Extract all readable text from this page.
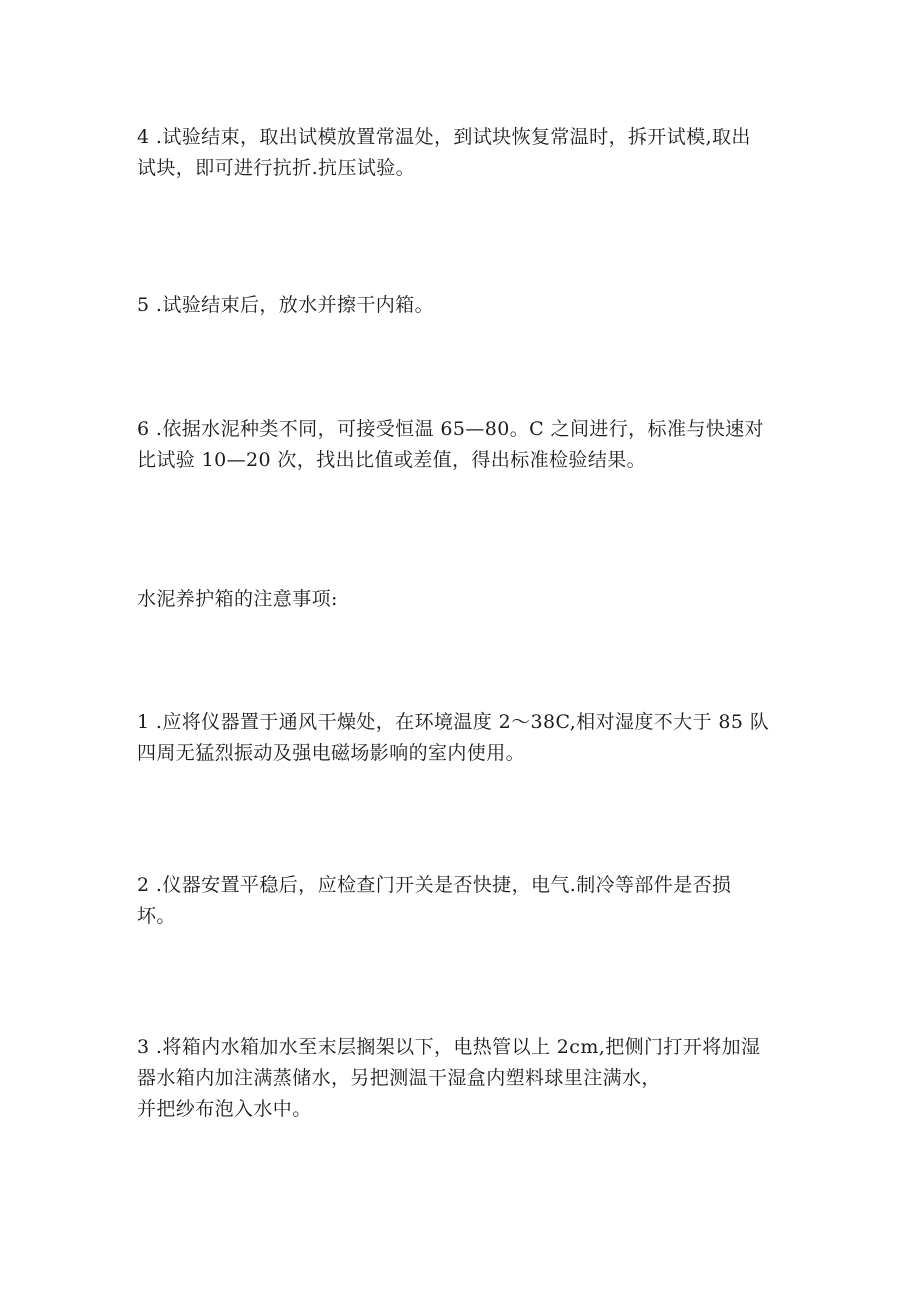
4 .试验结束，取出试模放置常温处，到试块恢复常温时，拆开试模,取出
试块，即可进行抗折.抗压试验。
5 .试验结束后，放水并擦干内箱。
6 .依据水泥种类不同，可接受恒温 65—80。C 之间进行，标准与快速对
比试验 10—20 次，找出比值或差值，得出标准检验结果。
水泥养护箱的注意事项:
1 .应将仪器置于通风干燥处，在环境温度 2～38C,相对湿度不大于 85 队
四周无猛烈振动及强电磁场影响的室内使用。
2 .仪器安置平稳后，应检查门开关是否快捷，电气.制冷等部件是否损
坏。
3 .将箱内水箱加水至末层搁架以下，电热管以上 2cm,把侧门打开将加湿
器水箱内加注满蒸储水，另把测温干湿盒内塑料球里注满水，
并把纱布泡入水中。
